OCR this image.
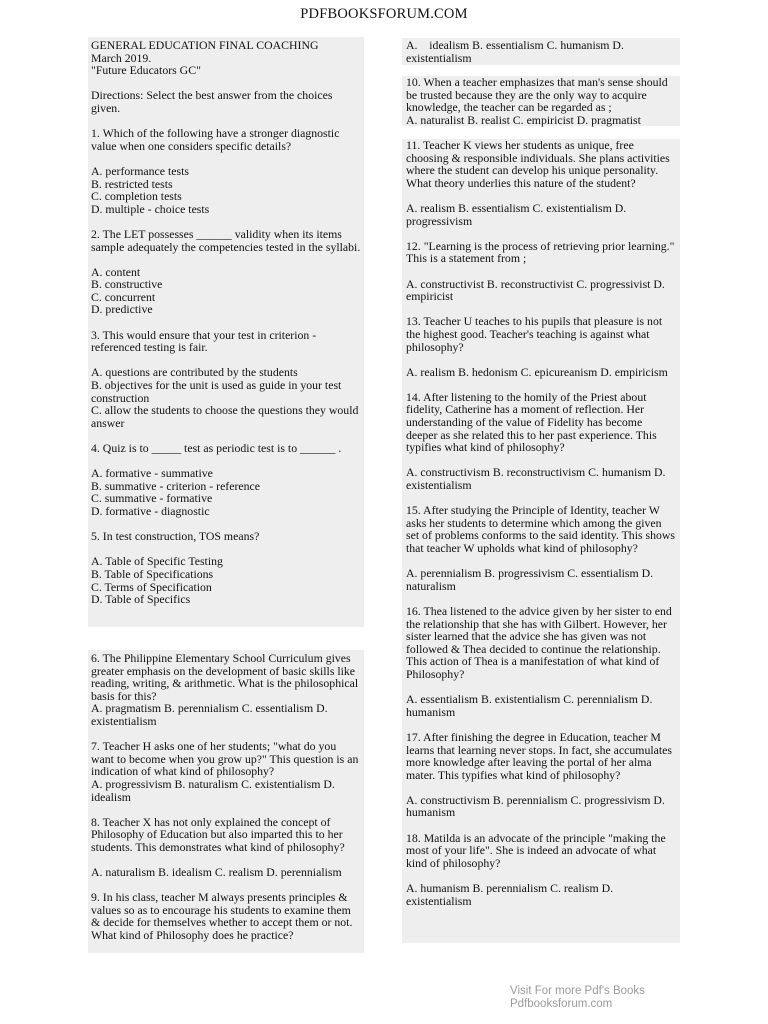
PDFBOOKSFORUM.COM

GENERAL EDUCATION FINAL COACHING
March 2019.
"Future Educators GC"

Directions: Select the best answer from the choices given.

1. Which of the following have a stronger diagnostic value when one considers specific details?

A. performance tests
B. restricted tests
C. completion tests
D. multiple - choice tests

2. The LET possesses ______ validity when its items sample adequately the competencies tested in the syllabi.

A. content
B. constructive
C. concurrent
D. predictive

3. This would ensure that your test in criterion - referenced testing is fair.

A. questions are contributed by the students
B. objectives for the unit is used as guide in your test construction
C. allow the students to choose the questions they would answer

4. Quiz is to _____ test as periodic test is to ______ .

A. formative - summative
B. summative - criterion - reference
C. summative - formative
D. formative - diagnostic

5. In test construction, TOS means?

A. Table of Specific Testing
B. Table of Specifications
C. Terms of Specification
D. Table of Specifics

6. The Philippine Elementary School Curriculum gives greater emphasis on the development of basic skills like reading, writing, & arithmetic. What is the philosophical basis for this?
A. pragmatism B. perennialism C. essentialism D. existentialism

7. Teacher H asks one of her students; "what do you want to become when you grow up?" This question is an indication of what kind of philosophy?
A. progressivism B. naturalism C. existentialism D. idealism

8. Teacher X has not only explained the concept of Philosophy of Education but also imparted this to her students. This demonstrates what kind of philosophy?

A. naturalism B. idealism C. realism D. perennialism

9. In his class, teacher M always presents principles & values so as to encourage his students to examine them & decide for themselves whether to accept them or not. What kind of Philosophy does he practice?

A. idealism B. essentialism C. humanism D. existentialism

10. When a teacher emphasizes that man's sense should be trusted because they are the only way to acquire knowledge, the teacher can be regarded as ;
A. naturalist B. realist C. empiricist D. pragmatist

11. Teacher K views her students as unique, free choosing & responsible individuals. She plans activities where the student can develop his unique personality. What theory underlies this nature of the student?

A. realism B. essentialism C. existentialism D. progressivism

12. "Learning is the process of retrieving prior learning." This is a statement from ;

A. constructivist B. reconstructivist C. progressivist D. empiricist

13. Teacher U teaches to his pupils that pleasure is not the highest good. Teacher's teaching is against what philosophy?

A. realism B. hedonism C. epicureanism D. empiricism

14. After listening to the homily of the Priest about fidelity, Catherine has a moment of reflection. Her understanding of the value of Fidelity has become deeper as she related this to her past experience. This typifies what kind of philosophy?

A. constructivism B. reconstructivism C. humanism D. existentialism

15. After studying the Principle of Identity, teacher W asks her students to determine which among the given set of problems conforms to the said identity. This shows that teacher W upholds what kind of philosophy?

A. perennialism B. progressivism C. essentialism D. naturalism

16. Thea listened to the advice given by her sister to end the relationship that she has with Gilbert. However, her sister learned that the advice she has given was not followed & Thea decided to continue the relationship. This action of Thea is a manifestation of what kind of Philosophy?

A. essentialism B. existentialism C. perennialism D. humanism

17. After finishing the degree in Education, teacher M learns that learning never stops. In fact, she accumulates more knowledge after leaving the portal of her alma mater. This typifies what kind of philosophy?

A. constructivism B. perennialism C. progressivism D. humanism

18. Matilda is an advocate of the principle "making the most of your life". She is indeed an advocate of what kind of philosophy?

A. humanism B. perennialism C. realism D. existentialism

Visit For more Pdf's Books
Pdfbooksforum.com
